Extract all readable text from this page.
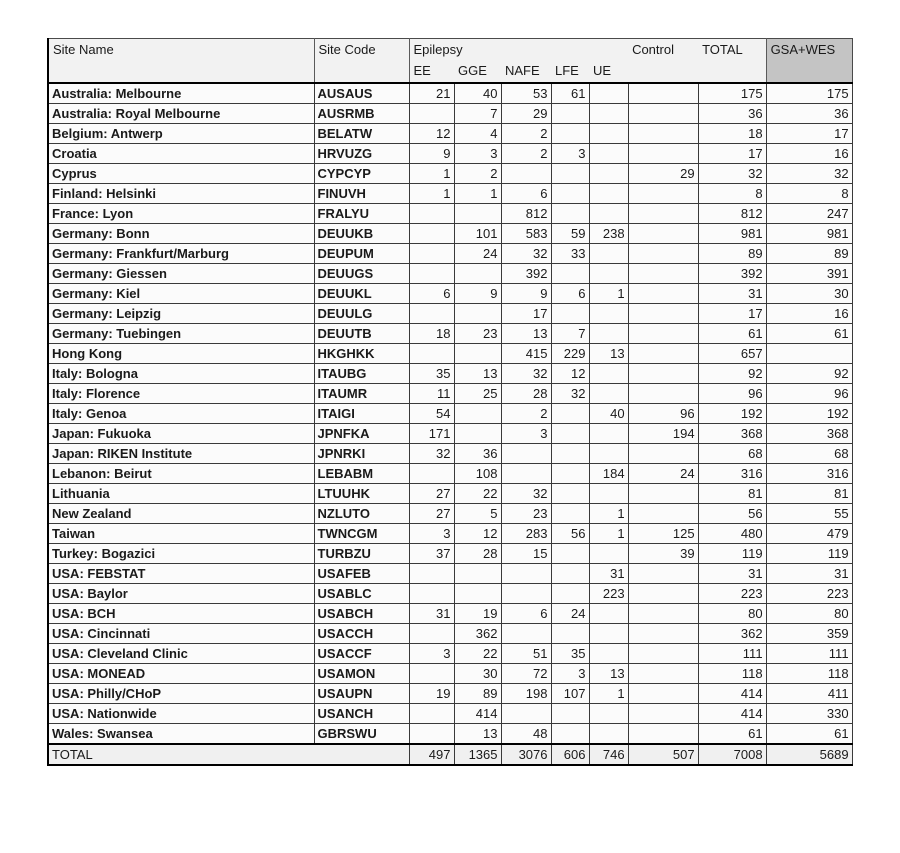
Site Name	Site Code	Epilepsy					Control	TOTAL	GSA+WES
		EE	GGE	NAFE	LFE	UE			
Australia: Melbourne	AUSAUS	21	40	53	61			175	175
Australia: Royal Melbourne	AUSRMB		7	29				36	36
Belgium: Antwerp	BELATW	12	4	2				18	17
Croatia	HRVUZG	9	3	2	3			17	16
Cyprus	CYPCYP	1	2				29	32	32
Finland: Helsinki	FINUVH	1	1	6				8	8
France: Lyon	FRALYU			812				812	247
Germany: Bonn	DEUUKB		101	583	59	238		981	981
Germany: Frankfurt/Marburg	DEUPUM		24	32	33			89	89
Germany: Giessen	DEUUGS			392				392	391
Germany: Kiel	DEUUKL	6	9	9	6	1		31	30
Germany: Leipzig	DEUULG			17				17	16
Germany: Tuebingen	DEUUTB	18	23	13	7			61	61
Hong Kong	HKGHKK			415	229	13		657	
Italy: Bologna	ITAUBG	35	13	32	12			92	92
Italy: Florence	ITAUMR	11	25	28	32			96	96
Italy: Genoa	ITAIGI	54		2		40	96	192	192
Japan: Fukuoka	JPNFKA	171		3			194	368	368
Japan: RIKEN Institute	JPNRKI	32	36					68	68
Lebanon: Beirut	LEBABM		108			184	24	316	316
Lithuania	LTUUHK	27	22	32				81	81
New Zealand	NZLUTO	27	5	23		1		56	55
Taiwan	TWNCGM	3	12	283	56	1	125	480	479
Turkey: Bogazici	TURBZU	37	28	15			39	119	119
USA: FEBSTAT	USAFEB					31		31	31
USA: Baylor	USABLC					223		223	223
USA: BCH	USABCH	31	19	6	24			80	80
USA: Cincinnati	USACCH		362					362	359
USA: Cleveland Clinic	USACCF	3	22	51	35			111	111
USA: MONEAD	USAMON		30	72	3	13		118	118
USA: Philly/CHoP	USAUPN	19	89	198	107	1		414	411
USA: Nationwide	USANCH		414					414	330
Wales: Swansea	GBRSWU		13	48				61	61
TOTAL		497	1365	3076	606	746	507	7008	5689
